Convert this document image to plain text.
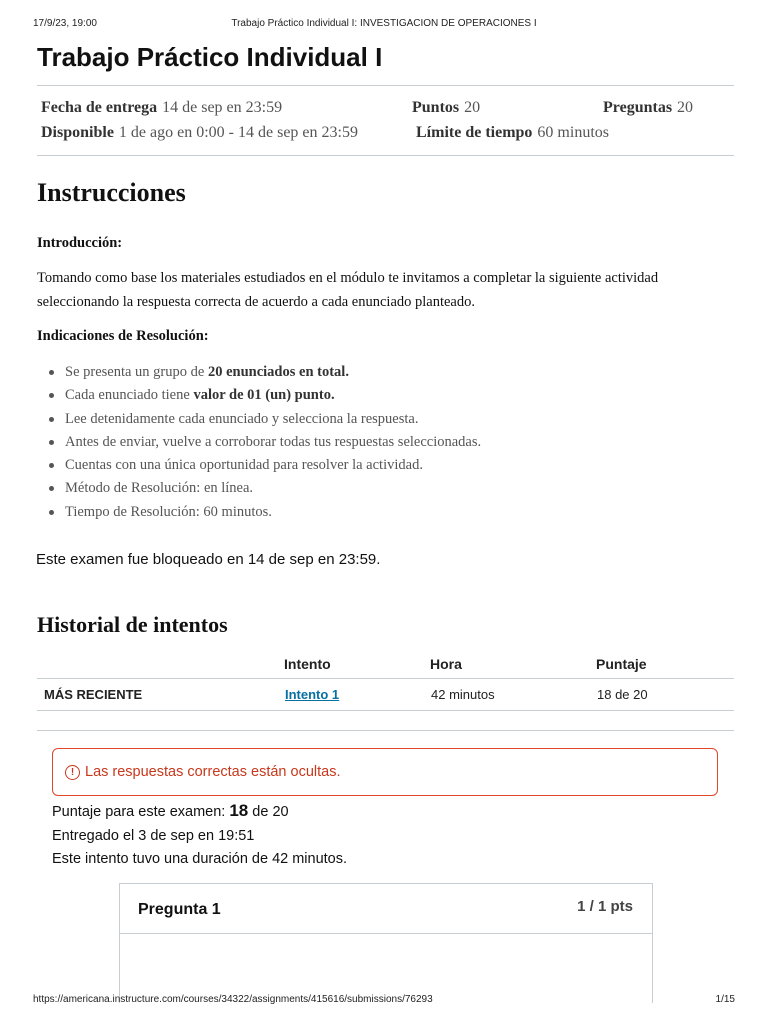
17/9/23, 19:00	Trabajo Práctico Individual I: INVESTIGACION DE OPERACIONES I
Trabajo Práctico Individual I
Fecha de entrega 14 de sep en 23:59	Puntos 20	Preguntas 20
Disponible 1 de ago en 0:00 - 14 de sep en 23:59	Límite de tiempo 60 minutos
Instrucciones
Introducción:
Tomando como base los materiales estudiados en el módulo te invitamos a completar la siguiente actividad
seleccionando la respuesta correcta de acuerdo a cada enunciado planteado.
Indicaciones de Resolución:
Se presenta un grupo de 20 enunciados en total.
Cada enunciado tiene valor de 01 (un) punto.
Lee detenidamente cada enunciado y selecciona la respuesta.
Antes de enviar, vuelve a corroborar todas tus respuestas seleccionadas.
Cuentas con una única oportunidad para resolver la actividad.
Método de Resolución: en línea.
Tiempo de Resolución: 60 minutos.
Este examen fue bloqueado en 14 de sep en 23:59.
Historial de intentos
	Intento	Hora	Puntaje
MÁS RECIENTE	Intento 1	42 minutos	18 de 20
! Las respuestas correctas están ocultas.
Puntaje para este examen: 18 de 20
Entregado el 3 de sep en 19:51
Este intento tuvo una duración de 42 minutos.
Pregunta 1	1 / 1 pts
https://americana.instructure.com/courses/34322/assignments/415616/submissions/76293	1/15
